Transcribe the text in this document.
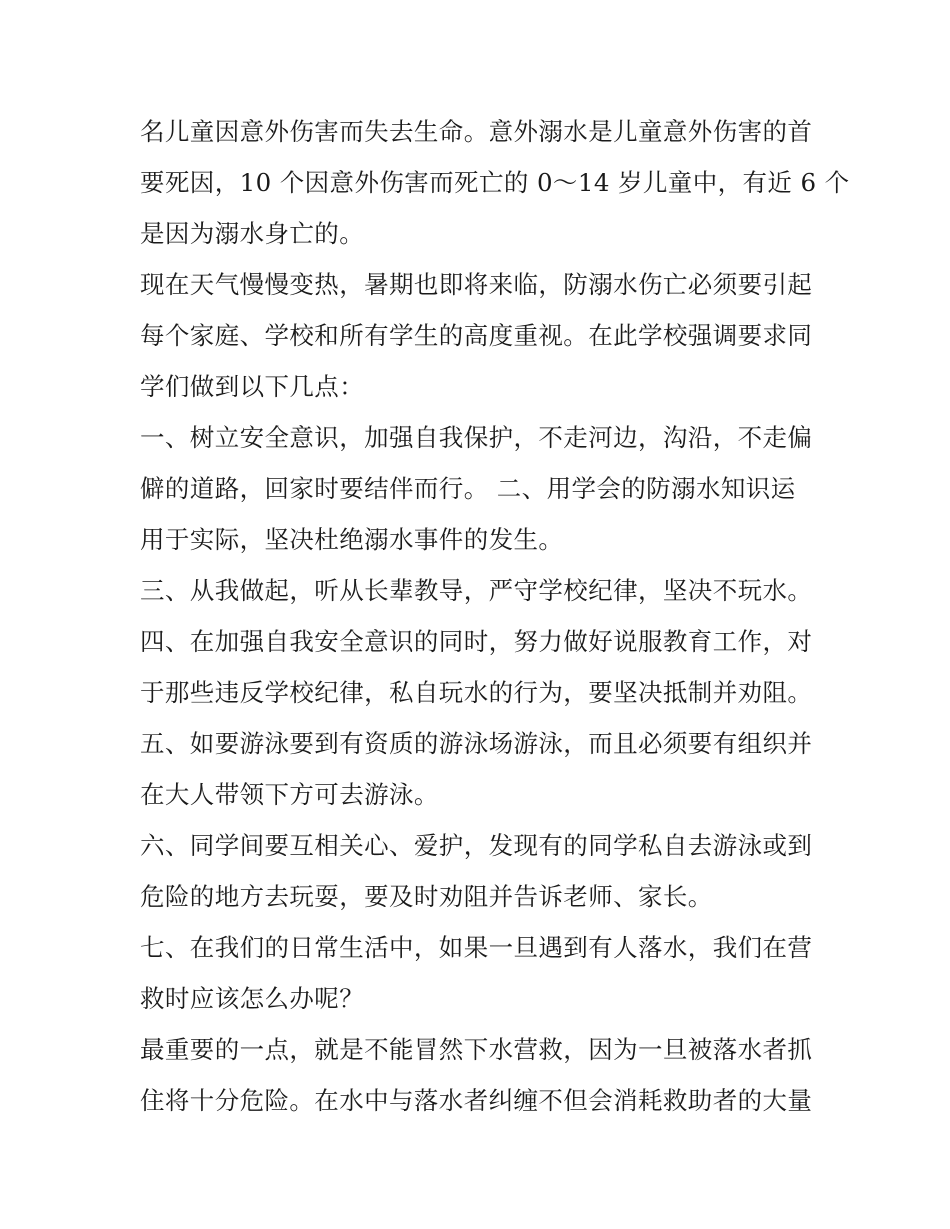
名儿童因意外伤害而失去生命。意外溺水是儿童意外伤害的首
要死因，10 个因意外伤害而死亡的 0～14 岁儿童中，有近 6 个
是因为溺水身亡的。
现在天气慢慢变热，暑期也即将来临，防溺水伤亡必须要引起
每个家庭、学校和所有学生的高度重视。在此学校强调要求同
学们做到以下几点：
一、树立安全意识，加强自我保护，不走河边，沟沿，不走偏
僻的道路，回家时要结伴而行。 二、用学会的防溺水知识运
用于实际，坚决杜绝溺水事件的发生。
三、从我做起，听从长辈教导，严守学校纪律，坚决不玩水。
四、在加强自我安全意识的同时，努力做好说服教育工作，对
于那些违反学校纪律，私自玩水的行为，要坚决抵制并劝阻。
五、如要游泳要到有资质的游泳场游泳，而且必须要有组织并
在大人带领下方可去游泳。
六、同学间要互相关心、爱护，发现有的同学私自去游泳或到
危险的地方去玩耍，要及时劝阻并告诉老师、家长。
七、在我们的日常生活中，如果一旦遇到有人落水，我们在营
救时应该怎么办呢？
最重要的一点，就是不能冒然下水营救，因为一旦被落水者抓
住将十分危险。在水中与落水者纠缠不但会消耗救助者的大量
